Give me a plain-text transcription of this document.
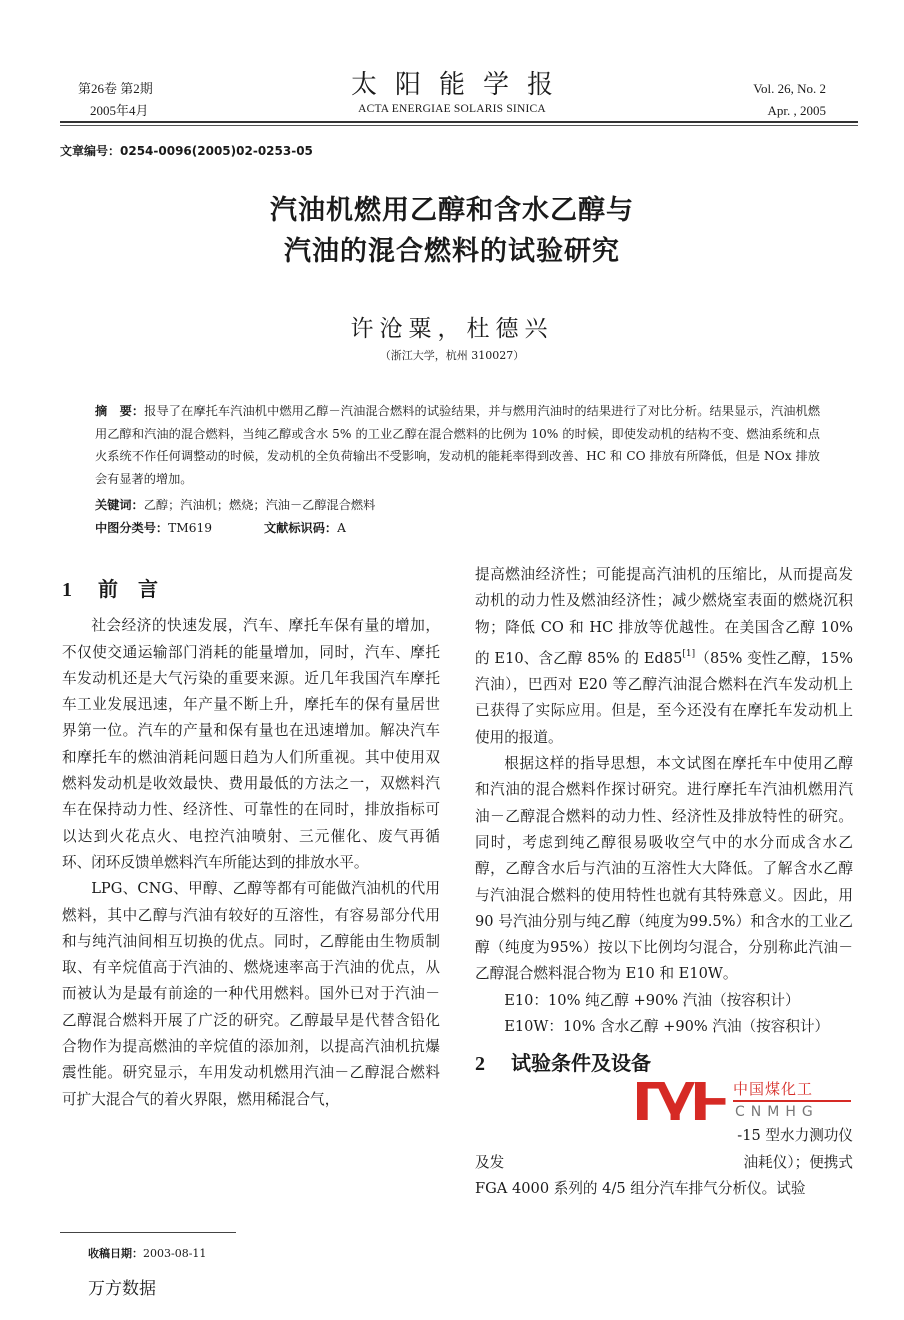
第26卷 第2期
2005年4月
太阳能学报
ACTA ENERGIAE SOLARIS SINICA
Vol. 26, No. 2
Apr. , 2005
文章编号：0254-0096(2005)02-0253-05
汽油机燃用乙醇和含水乙醇与
汽油的混合燃料的试验研究
许沧粟，杜德兴
（浙江大学，杭州 310027）
摘　要：报导了在摩托车汽油机中燃用乙醇－汽油混合燃料的试验结果，并与燃用汽油时的结果进行了对比分析。结果显示，汽油机燃用乙醇和汽油的混合燃料，当纯乙醇或含水 5% 的工业乙醇在混合燃料的比例为 10% 的时候，即使发动机的结构不变、燃油系统和点火系统不作任何调整动的时候，发动机的全负荷输出不受影响，发动机的能耗率得到改善、HC 和 CO 排放有所降低，但是 NOx 排放会有显著的增加。
关键词：乙醇；汽油机；燃烧；汽油－乙醇混合燃料
中图分类号：TM619	文献标识码：A
1 前　言

社会经济的快速发展，汽车、摩托车保有量的增加，不仅使交通运输部门消耗的能量增加，同时，汽车、摩托车发动机还是大气污染的重要来源。近几年我国汽车摩托车工业发展迅速，年产量不断上升，摩托车的保有量居世界第一位。汽车的产量和保有量也在迅速增加。解决汽车和摩托车的燃油消耗问题日趋为人们所重视。其中使用双燃料发动机是收效最快、费用最低的方法之一，双燃料汽车在保持动力性、经济性、可靠性的在同时，排放指标可以达到火花点火、电控汽油喷射、三元催化、废气再循环、闭环反馈单燃料汽车所能达到的排放水平。

LPG、CNG、甲醇、乙醇等都有可能做汽油机的代用燃料，其中乙醇与汽油有较好的互溶性，有容易部分代用和与纯汽油间相互切换的优点。同时，乙醇能由生物质制取、有辛烷值高于汽油的、燃烧速率高于汽油的优点，从而被认为是最有前途的一种代用燃料。国外已对于汽油－乙醇混合燃料开展了广泛的研究。乙醇最早是代替含铅化合物作为提高燃油的辛烷值的添加剂，以提高汽油机抗爆震性能。研究显示，车用发动机燃用汽油－乙醇混合燃料可扩大混合气的着火界限，燃用稀混合气，

提高燃油经济性；可能提高汽油机的压缩比，从而提高发动机的动力性及燃油经济性；减少燃烧室表面的燃烧沉积物；降低 CO 和 HC 排放等优越性。在美国含乙醇 10% 的 E10、含乙醇 85% 的 Ed85[1]（85% 变性乙醇，15% 汽油），巴西对 E20 等乙醇汽油混合燃料在汽车发动机上已获得了实际应用。但是，至今还没有在摩托车发动机上使用的报道。

根据这样的指导思想，本文试图在摩托车中使用乙醇和汽油的混合燃料作探讨研究。进行摩托车汽油机燃用汽油－乙醇混合燃料的动力性、经济性及排放特性的研究。同时，考虑到纯乙醇很易吸收空气中的水分而成含水乙醇，乙醇含水后与汽油的互溶性大大降低。了解含水乙醇与汽油混合燃料的使用特性也就有其特殊意义。因此，用 90 号汽油分别与纯乙醇（纯度为99.5%）和含水的工业乙醇（纯度为95%）按以下比例均匀混合，分别称此汽油－乙醇混合燃料混合物为 E10 和 E10W。

E10：10% 纯乙醇 +90% 汽油（按容积计）

E10W：10% 含水乙醇 +90% 汽油（按容积计）

2 试验条件及设备
中国煤化工
CNMHG

-15 型水力测功仪

及发	油耗仪）；便携式

FGA 4000 系列的 4/5 组分汽车排气分析仪。试验

收稿日期：2003-08-11
万方数据
